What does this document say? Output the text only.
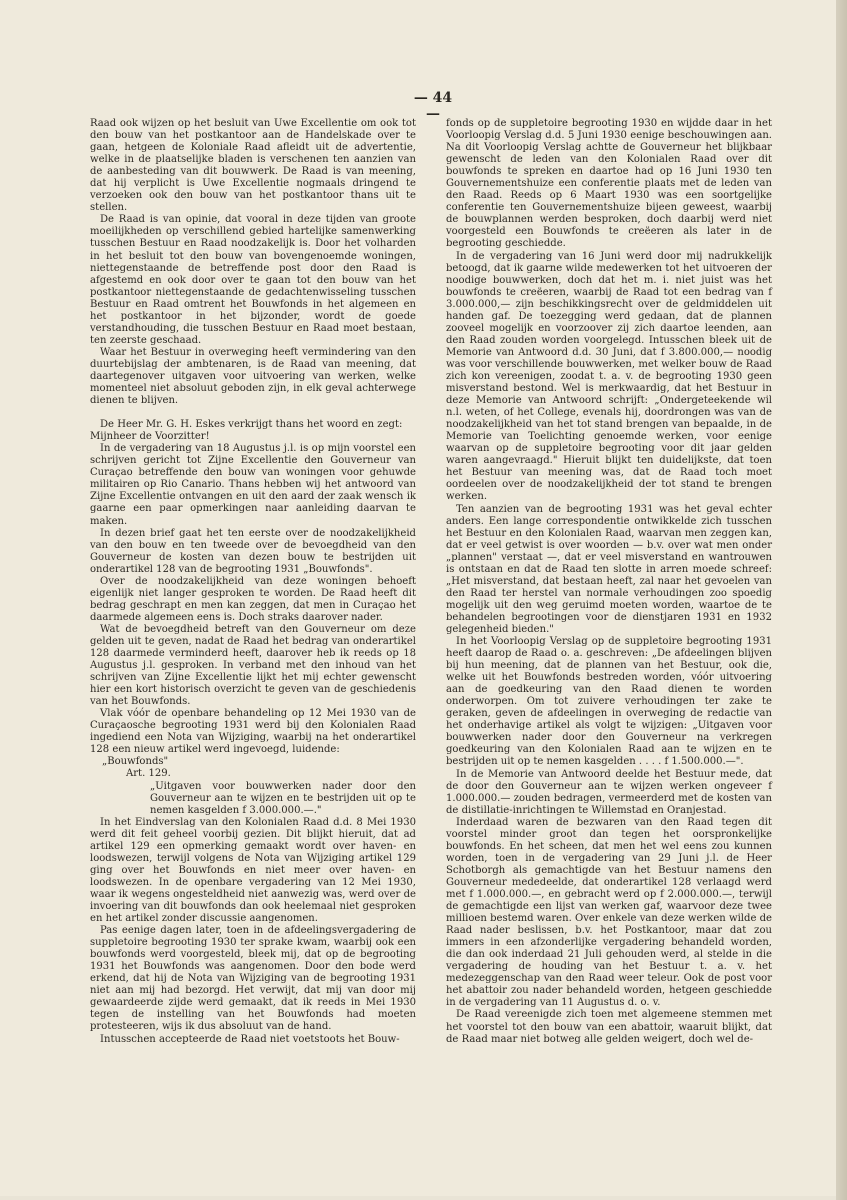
— 44 —

Raad ook wijzen op het besluit van Uwe Excellentie om ook tot den bouw van het postkantoor aan de Handelskade over te gaan, hetgeen de Koloniale Raad afleidt uit de advertentie, welke in de plaatselijke bladen is verschenen ten aanzien van de aanbesteding van dit bouwwerk. De Raad is van meening, dat hij verplicht is Uwe Excellentie nogmaals dringend te verzoeken ook den bouw van het postkantoor thans uit te stellen.

De Raad is van opinie, dat vooral in deze tijden van groote moeilijkheden op verschillend gebied hartelijke samenwerking tusschen Bestuur en Raad noodzakelijk is. Door het volharden in het besluit tot den bouw van bovengenoemde woningen, niettegenstaande de betreffende post door den Raad is afgestemd en ook door over te gaan tot den bouw van het postkantoor niettegenstaande de gedachtenwisseling tusschen Bestuur en Raad omtrent het Bouwfonds in het algemeen en het postkantoor in het bijzonder, wordt de goede verstandhouding, die tusschen Bestuur en Raad moet bestaan, ten zeerste geschaad.

Waar het Bestuur in overweging heeft vermindering van den duurtebijslag der ambtenaren, is de Raad van meening, dat daartegenover uitgaven voor uitvoering van werken, welke momenteel niet absoluut geboden zijn, in elk geval achterwege dienen te blijven.

De Heer Mr. G. H. Eskes verkrijgt thans het woord en zegt:

Mijnheer de Voorzitter!

In de vergadering van 18 Augustus j.l. is op mijn voorstel een schrijven gericht tot Zijne Excellentie den Gouverneur van Curaçao betreffende den bouw van woningen voor gehuwde militairen op Rio Canario. Thans hebben wij het antwoord van Zijne Excellentie ontvangen en uit den aard der zaak wensch ik gaarne een paar opmerkingen naar aanleiding daarvan te maken.

In dezen brief gaat het ten eerste over de noodzakelijkheid van den bouw en ten tweede over de bevoegdheid van den Gouverneur de kosten van dezen bouw te bestrijden uit onderartikel 128 van de begrooting 1931 „Bouwfonds".

Over de noodzakelijkheid van deze woningen behoeft eigenlijk niet langer gesproken te worden. De Raad heeft dit bedrag geschrapt en men kan zeggen, dat men in Curaçao het daarmede algemeen eens is. Doch straks daarover nader.

Wat de bevoegdheid betreft van den Gouverneur om deze gelden uit te geven, nadat de Raad het bedrag van onderartikel 128 daarmede verminderd heeft, daarover heb ik reeds op 18 Augustus j.l. gesproken. In verband met den inhoud van het schrijven van Zijne Excellentie lijkt het mij echter gewenscht hier een kort historisch overzicht te geven van de geschiedenis van het Bouwfonds.

Vlak vóór de openbare behandeling op 12 Mei 1930 van de Curaçaosche begrooting 1931 werd bij den Kolonialen Raad ingediend een Nota van Wijziging, waarbij na het onderartikel 128 een nieuw artikel werd ingevoegd, luidende:

„Bouwfonds"

Art. 129.

„Uitgaven voor bouwwerken nader door den Gouverneur aan te wijzen en te bestrijden uit op te nemen kasgelden f 3.000.000.—."

In het Eindverslag van den Kolonialen Raad d.d. 8 Mei 1930 werd dit feit geheel voorbij gezien. Dit blijkt hieruit, dat ad artikel 129 een opmerking gemaakt wordt over haven- en loodswezen, terwijl volgens de Nota van Wijziging artikel 129 ging over het Bouwfonds en niet meer over haven- en loodswezen. In de openbare vergadering van 12 Mei 1930, waar ik wegens ongesteldheid niet aanwezig was, werd over de invoering van dit bouwfonds dan ook heelemaal niet gesproken en het artikel zonder discussie aangenomen.

Pas eenige dagen later, toen in de afdeelingsvergadering de suppletoire begrooting 1930 ter sprake kwam, waarbij ook een bouwfonds werd voorgesteld, bleek mij, dat op de begrooting 1931 het Bouwfonds was aangenomen. Door den bode werd erkend, dat hij de Nota van Wijziging van de begrooting 1931 niet aan mij had bezorgd. Het verwijt, dat mij van door mij gewaardeerde zijde werd gemaakt, dat ik reeds in Mei 1930 tegen de instelling van het Bouwfonds had moeten protesteeren, wijs ik dus absoluut van de hand.

Intusschen accepteerde de Raad niet voetstoots het Bouw-

fonds op de suppletoire begrooting 1930 en wijdde daar in het Voorloopig Verslag d.d. 5 Juni 1930 eenige beschouwingen aan. Na dit Voorloopig Verslag achtte de Gouverneur het blijkbaar gewenscht de leden van den Kolonialen Raad over dit bouwfonds te spreken en daartoe had op 16 Juni 1930 ten Gouvernementshuize een conferentie plaats met de leden van den Raad. Reeds op 6 Maart 1930 was een soortgelijke conferentie ten Gouvernementshuize bijeen geweest, waarbij de bouwplannen werden besproken, doch daarbij werd niet voorgesteld een Bouwfonds te creëeren als later in de begrooting geschiedde.

In de vergadering van 16 Juni werd door mij nadrukkelijk betoogd, dat ik gaarne wilde medewerken tot het uitvoeren der noodige bouwwerken, doch dat het m. i. niet juist was het bouwfonds te creëeren, waarbij de Raad tot een bedrag van f 3.000.000,— zijn beschikkingsrecht over de geldmiddelen uit handen gaf. De toezegging werd gedaan, dat de plannen zooveel mogelijk en voorzoover zij zich daartoe leenden, aan den Raad zouden worden voorgelegd. Intusschen bleek uit de Memorie van Antwoord d.d. 30 Juni, dat f 3.800.000,— noodig was voor verschillende bouwwerken, met welker bouw de Raad zich kon vereenigen, zoodat t. a. v. de begrooting 1930 geen misverstand bestond. Wel is merkwaardig, dat het Bestuur in deze Memorie van Antwoord schrijft: „Ondergeteekende wil n.l. weten, of het College, evenals hij, doordrongen was van de noodzakelijkheid van het tot stand brengen van bepaalde, in de Memorie van Toelichting genoemde werken, voor eenige waarvan op de suppletoire begrooting voor dit jaar gelden waren aangevraagd." Hieruit blijkt ten duidelijkste, dat toen het Bestuur van meening was, dat de Raad toch moet oordeelen over de noodzakelijkheid der tot stand te brengen werken.

Ten aanzien van de begrooting 1931 was het geval echter anders. Een lange correspondentie ontwikkelde zich tusschen het Bestuur en den Kolonialen Raad, waarvan men zeggen kan, dat er veel getwist is over woorden — b.v. over wat men onder „plannen" verstaat —, dat er veel misverstand en wantrouwen is ontstaan en dat de Raad ten slotte in arren moede schreef: „Het misverstand, dat bestaan heeft, zal naar het gevoelen van den Raad ter herstel van normale verhoudingen zoo spoedig mogelijk uit den weg geruimd moeten worden, waartoe de te behandelen begrootingen voor de dienstjaren 1931 en 1932 gelegenheid bieden."

In het Voorloopig Verslag op de suppletoire begrooting 1931 heeft daarop de Raad o. a. geschreven: „De afdeelingen blijven bij hun meening, dat de plannen van het Bestuur, ook die, welke uit het Bouwfonds bestreden worden, vóór uitvoering aan de goedkeuring van den Raad dienen te worden onderworpen. Om tot zuivere verhoudingen ter zake te geraken, geven de afdeelingen in overweging de redactie van het onderhavige artikel als volgt te wijzigen: „Uitgaven voor bouwwerken nader door den Gouverneur na verkregen goedkeuring van den Kolonialen Raad aan te wijzen en te bestrijden uit op te nemen kasgelden . . . . f 1.500.000.—".

In de Memorie van Antwoord deelde het Bestuur mede, dat de door den Gouverneur aan te wijzen werken ongeveer f 1.000.000.— zouden bedragen, vermeerderd met de kosten van de distillatie-inrichtingen te Willemstad en Oranjestad.

Inderdaad waren de bezwaren van den Raad tegen dit voorstel minder groot dan tegen het oorspronkelijke bouwfonds. En het scheen, dat men het wel eens zou kunnen worden, toen in de vergadering van 29 Juni j.l. de Heer Schotborgh als gemachtigde van het Bestuur namens den Gouverneur mededeelde, dat onderartikel 128 verlaagd werd met f 1.000.000.—, en gebracht werd op f 2.000.000.—, terwijl de gemachtigde een lijst van werken gaf, waarvoor deze twee millioen bestemd waren. Over enkele van deze werken wilde de Raad nader beslissen, b.v. het Postkantoor, maar dat zou immers in een afzonderlijke vergadering behandeld worden, die dan ook inderdaad 21 Juli gehouden werd, al stelde in die vergadering de houding van het Bestuur t. a. v. het medezeggenschap van den Raad weer teleur. Ook de post voor het abattoir zou nader behandeld worden, hetgeen geschiedde in de vergadering van 11 Augustus d. o. v.

De Raad vereenigde zich toen met algemeene stemmen met het voorstel tot den bouw van een abattoir, waaruit blijkt, dat de Raad maar niet botweg alle gelden weigert, doch wel de-
